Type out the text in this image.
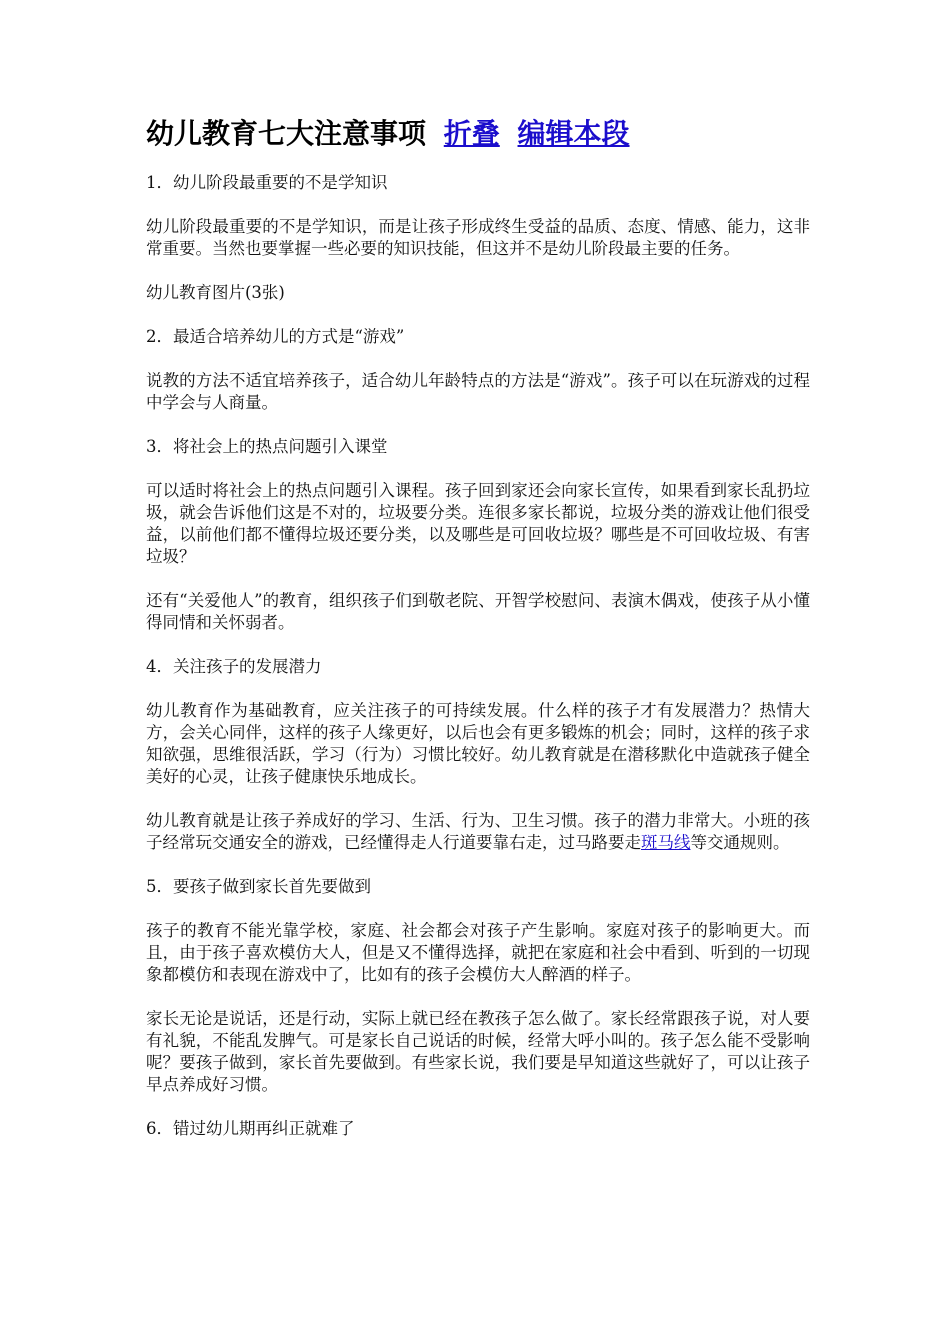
幼儿教育七大注意事项 折叠 编辑本段

1．幼儿阶段最重要的不是学知识

幼儿阶段最重要的不是学知识，而是让孩子形成终生受益的品质、态度、情感、能力，这非常重要。当然也要掌握一些必要的知识技能，但这并不是幼儿阶段最主要的任务。

幼儿教育图片(3张)

2．最适合培养幼儿的方式是“游戏”

说教的方法不适宜培养孩子，适合幼儿年龄特点的方法是“游戏”。孩子可以在玩游戏的过程中学会与人商量。

3．将社会上的热点问题引入课堂

可以适时将社会上的热点问题引入课程。孩子回到家还会向家长宣传，如果看到家长乱扔垃圾，就会告诉他们这是不对的，垃圾要分类。连很多家长都说，垃圾分类的游戏让他们很受益，以前他们都不懂得垃圾还要分类，以及哪些是可回收垃圾？哪些是不可回收垃圾、有害垃圾？

还有“关爱他人”的教育，组织孩子们到敬老院、开智学校慰问、表演木偶戏，使孩子从小懂得同情和关怀弱者。

4．关注孩子的发展潜力

幼儿教育作为基础教育，应关注孩子的可持续发展。什么样的孩子才有发展潜力？热情大方，会关心同伴，这样的孩子人缘更好，以后也会有更多锻炼的机会；同时，这样的孩子求知欲强，思维很活跃，学习（行为）习惯比较好。幼儿教育就是在潜移默化中造就孩子健全美好的心灵，让孩子健康快乐地成长。

幼儿教育就是让孩子养成好的学习、生活、行为、卫生习惯。孩子的潜力非常大。小班的孩子经常玩交通安全的游戏，已经懂得走人行道要靠右走，过马路要走斑马线等交通规则。

5．要孩子做到家长首先要做到

孩子的教育不能光靠学校，家庭、社会都会对孩子产生影响。家庭对孩子的影响更大。而且，由于孩子喜欢模仿大人，但是又不懂得选择，就把在家庭和社会中看到、听到的一切现象都模仿和表现在游戏中了，比如有的孩子会模仿大人醉酒的样子。

家长无论是说话，还是行动，实际上就已经在教孩子怎么做了。家长经常跟孩子说，对人要有礼貌，不能乱发脾气。可是家长自己说话的时候，经常大呼小叫的。孩子怎么能不受影响呢？要孩子做到，家长首先要做到。有些家长说，我们要是早知道这些就好了，可以让孩子早点养成好习惯。

6．错过幼儿期再纠正就难了
